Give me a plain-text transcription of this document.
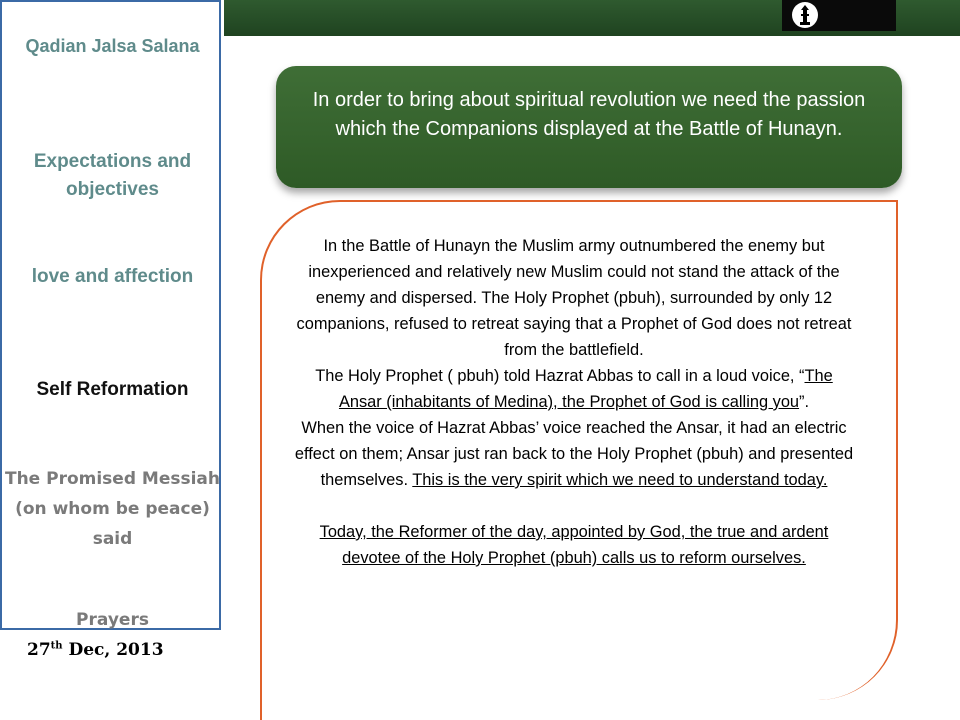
Qadian Jalsa Salana
Expectations and objectives
love and affection
Self Reformation
The Promised Messiah (on whom be peace) said
Prayers
27th Dec, 2013
In order to bring about spiritual revolution we need the passion which the Companions displayed at the Battle of Hunayn.

In the Battle of Hunayn the Muslim army outnumbered the enemy but inexperienced and relatively new Muslim could not stand the attack of the enemy and dispersed. The Holy Prophet (pbuh), surrounded by only 12 companions, refused to retreat saying that a Prophet of God does not retreat from the battlefield.

The Holy Prophet ( pbuh) told Hazrat Abbas to call in a loud voice, “The Ansar (inhabitants of Medina), the Prophet of God is calling you”.

When the voice of Hazrat Abbas’ voice reached the Ansar, it had an electric effect on them; Ansar just ran back to the Holy Prophet (pbuh) and presented themselves. This is the very spirit which we need to understand today.

Today, the Reformer of the day, appointed by God, the true and ardent devotee of the Holy Prophet (pbuh) calls us to reform ourselves.
